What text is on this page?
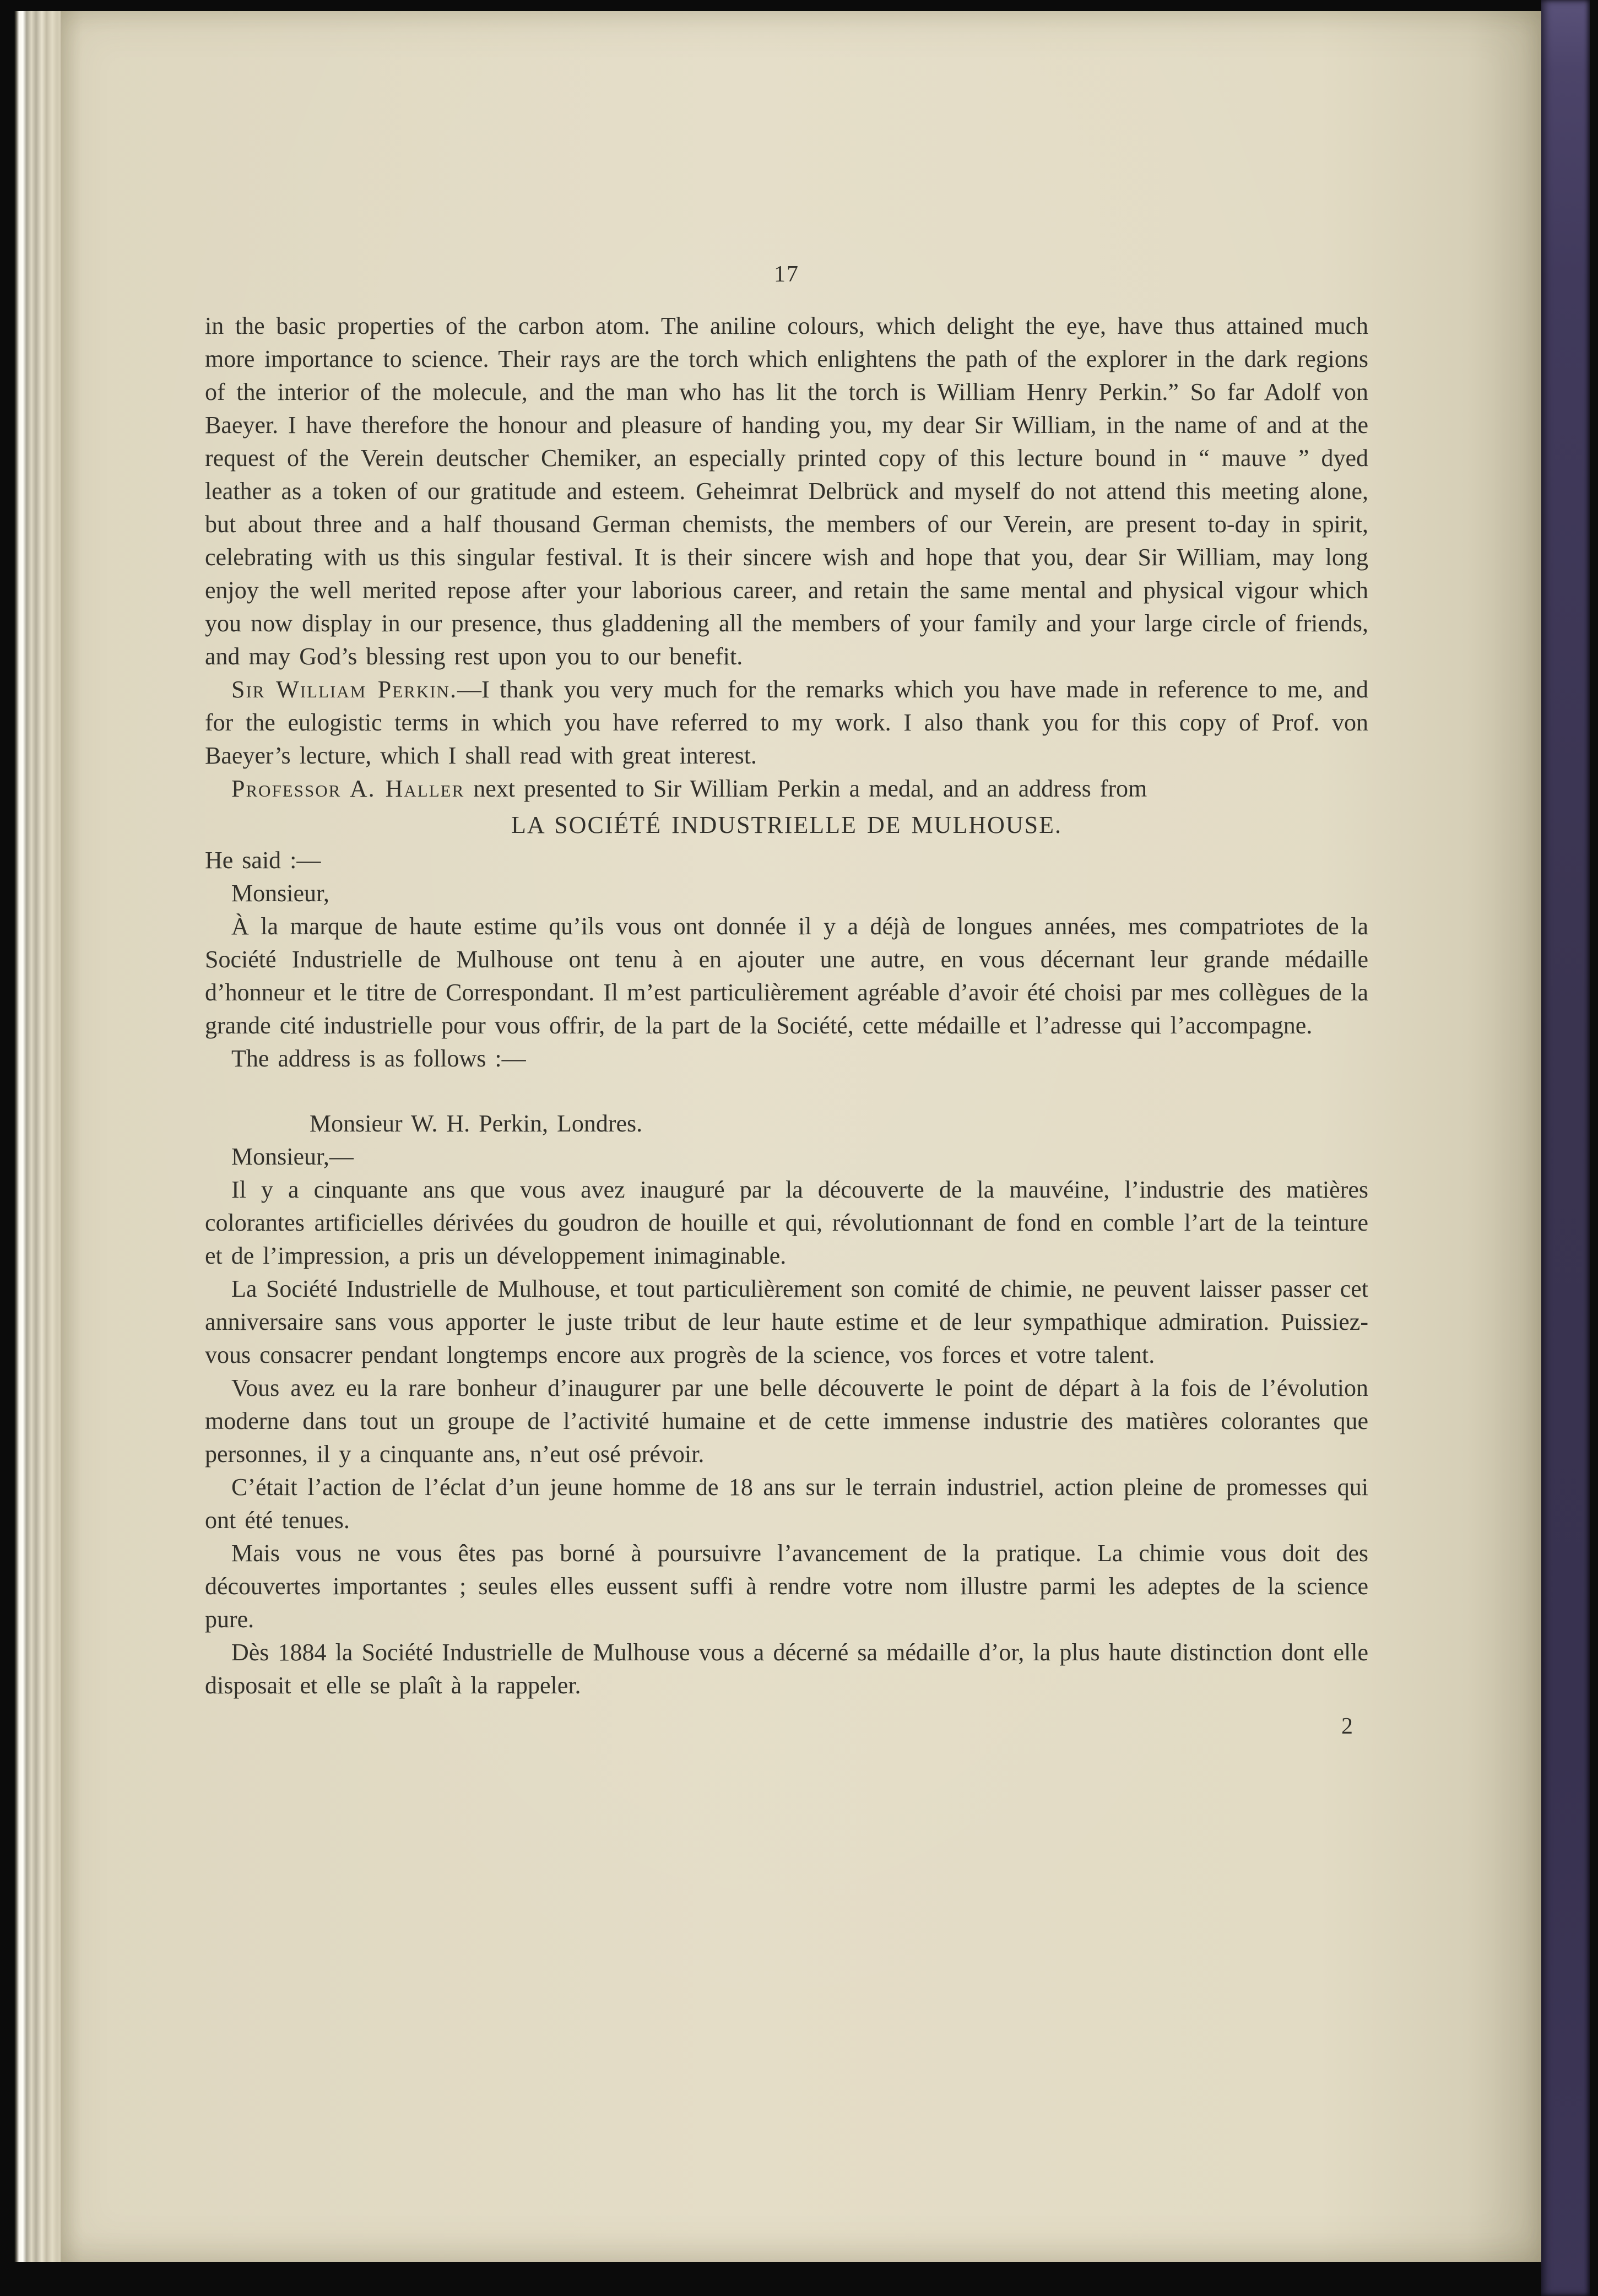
17

in the basic properties of the carbon atom. The aniline colours, which delight the eye, have thus attained much more importance to science. Their rays are the torch which enlightens the path of the explorer in the dark regions of the interior of the molecule, and the man who has lit the torch is William Henry Perkin.” So far Adolf von Baeyer. I have therefore the honour and pleasure of handing you, my dear Sir William, in the name of and at the request of the Verein deutscher Chemiker, an especially printed copy of this lecture bound in “ mauve ” dyed leather as a token of our gratitude and esteem. Geheimrat Delbrück and myself do not attend this meeting alone, but about three and a half thousand German chemists, the members of our Verein, are present to-day in spirit, celebrating with us this singular festival. It is their sincere wish and hope that you, dear Sir William, may long enjoy the well merited repose after your laborious career, and retain the same mental and physical vigour which you now display in our presence, thus gladdening all the members of your family and your large circle of friends, and may God’s blessing rest upon you to our benefit.

Sir William Perkin.—I thank you very much for the remarks which you have made in reference to me, and for the eulogistic terms in which you have referred to my work. I also thank you for this copy of Prof. von Baeyer’s lecture, which I shall read with great interest.

Professor A. Haller next presented to Sir William Perkin a medal, and an address from

LA SOCIÉTÉ INDUSTRIELLE DE MULHOUSE.

He said :—

Monsieur,

À la marque de haute estime qu’ils vous ont donnée il y a déjà de longues années, mes compatriotes de la Société Industrielle de Mulhouse ont tenu à en ajouter une autre, en vous décernant leur grande médaille d’honneur et le titre de Correspondant. Il m’est particulièrement agréable d’avoir été choisi par mes collègues de la grande cité industrielle pour vous offrir, de la part de la Société, cette médaille et l’adresse qui l’accompagne.

The address is as follows :—

Monsieur W. H. Perkin, Londres.

Monsieur,—

Il y a cinquante ans que vous avez inauguré par la découverte de la mauvéine, l’industrie des matières colorantes artificielles dérivées du goudron de houille et qui, révolutionnant de fond en comble l’art de la teinture et de l’impression, a pris un développement inimaginable.

La Société Industrielle de Mulhouse, et tout particulièrement son comité de chimie, ne peuvent laisser passer cet anniversaire sans vous apporter le juste tribut de leur haute estime et de leur sympathique admiration. Puissiez-vous consacrer pendant longtemps encore aux progrès de la science, vos forces et votre talent.

Vous avez eu la rare bonheur d’inaugurer par une belle découverte le point de départ à la fois de l’évolution moderne dans tout un groupe de l’activité humaine et de cette immense industrie des matières colorantes que personnes, il y a cinquante ans, n’eut osé prévoir.

C’était l’action de l’éclat d’un jeune homme de 18 ans sur le terrain industriel, action pleine de promesses qui ont été tenues.

Mais vous ne vous êtes pas borné à poursuivre l’avancement de la pratique. La chimie vous doit des découvertes importantes ; seules elles eussent suffi à rendre votre nom illustre parmi les adeptes de la science pure.

Dès 1884 la Société Industrielle de Mulhouse vous a décerné sa médaille d’or, la plus haute distinction dont elle disposait et elle se plaît à la rappeler.

2
